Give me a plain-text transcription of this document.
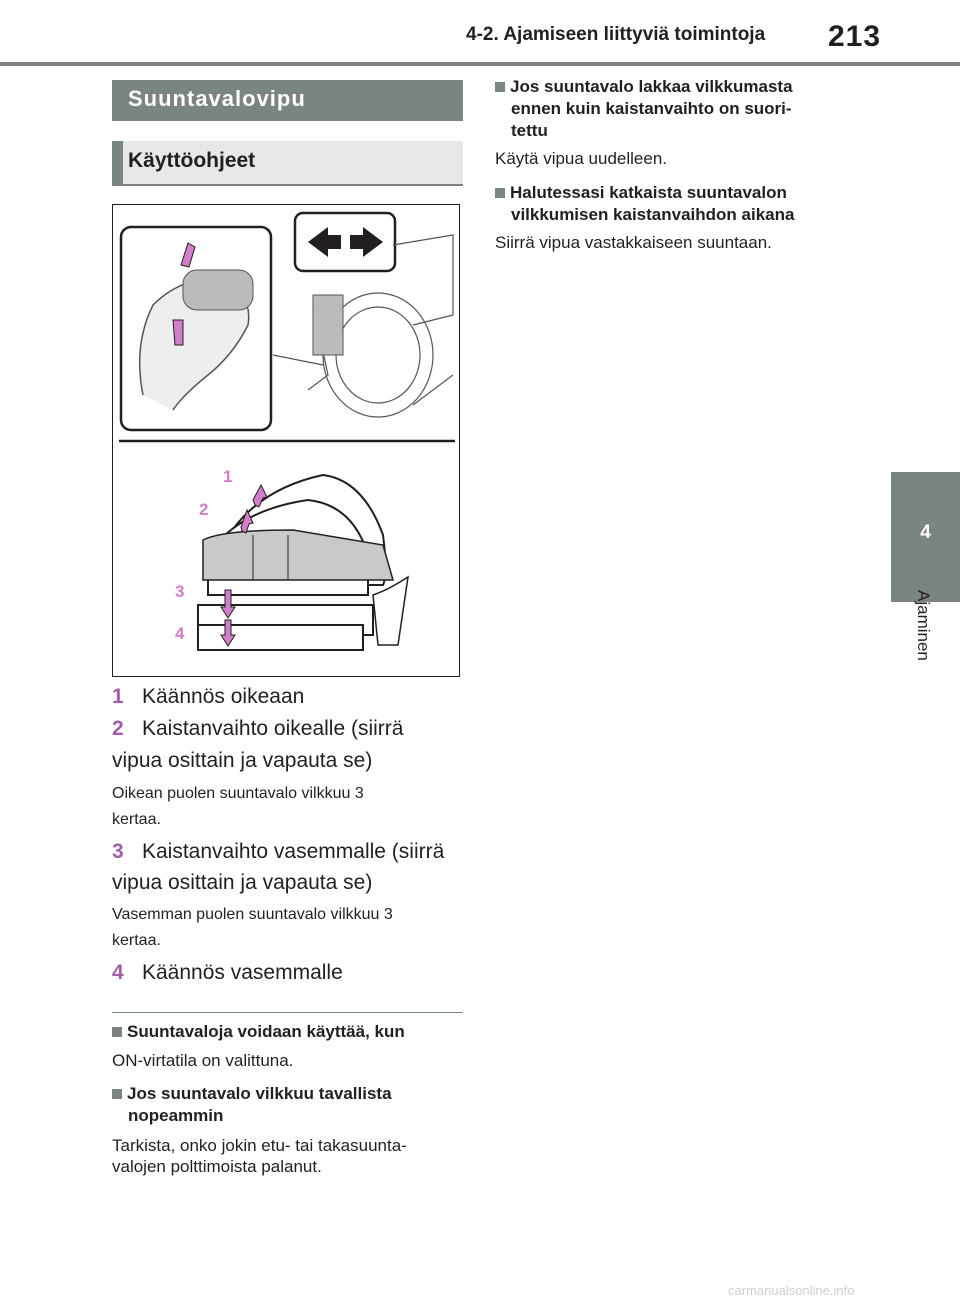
4-2. Ajamiseen liittyviä toimintoja 213
4
Ajaminen
Suuntavalovipu
Käyttöohjeet
1
2
3
4
1 Käännös oikeaan
2 Kaistanvaihto oikealle (siirrä
vipua osittain ja vapauta se)
Oikean puolen suuntavalo vilkkuu 3
kertaa.
3 Kaistanvaihto vasemmalle (siirrä
vipua osittain ja vapauta se)
Vasemman puolen suuntavalo vilkkuu 3
kertaa.
4 Käännös vasemmalle
Suuntavaloja voidaan käyttää, kun
ON-virtatila on valittuna.
Jos suuntavalo vilkkuu tavallista
nopeammin
Tarkista, onko jokin etu- tai takasuunta-
valojen polttimoista palanut.
Jos suuntavalo lakkaa vilkkumasta
ennen kuin kaistanvaihto on suori-
tettu
Käytä vipua uudelleen.
Halutessasi katkaista suuntavalon
vilkkumisen kaistanvaihdon aikana
Siirrä vipua vastakkaiseen suuntaan.
carmanualsonline.info
